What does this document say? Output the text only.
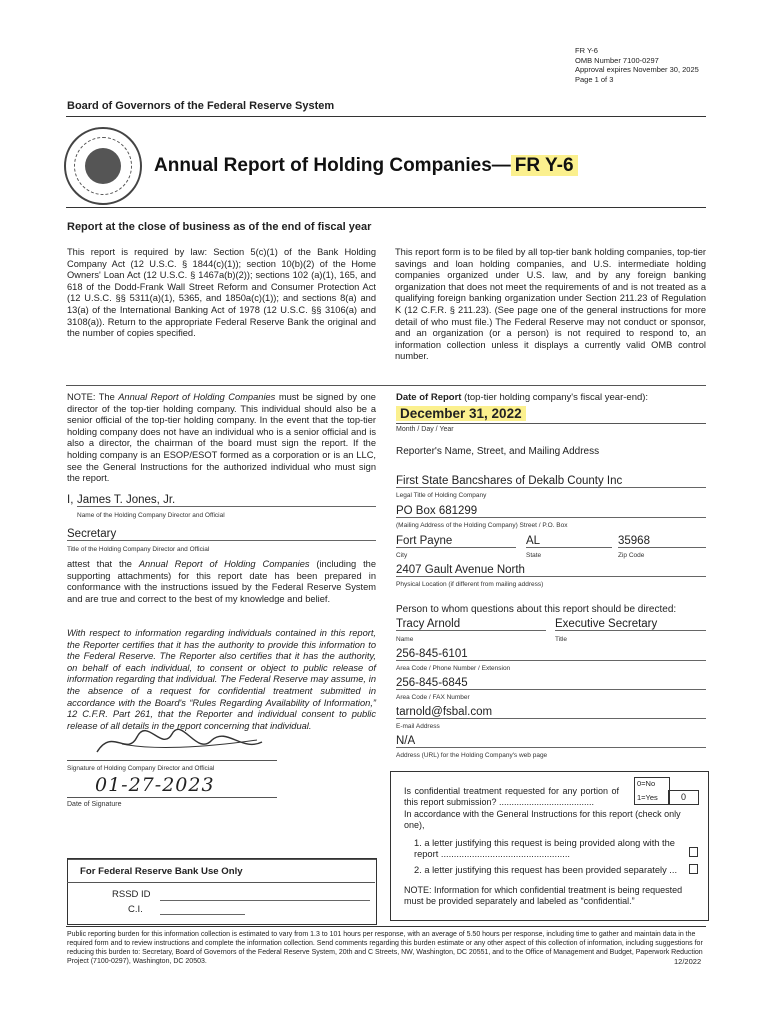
FR Y-6
OMB Number 7100-0297
Approval expires November 30, 2025
Page 1 of 3
Board of Governors of the Federal Reserve System
Annual Report of Holding Companies— FR Y-6
Report at the close of business as of the end of fiscal year
This report is required by law: Section 5(c)(1) of the Bank Holding Company Act (12 U.S.C. § 1844(c)(1)); section 10(b)(2) of the Home Owners' Loan Act (12 U.S.C. § 1467a(b)(2)); sections 102 (a)(1), 165, and 618 of the Dodd-Frank Wall Street Reform and Consumer Protection Act (12 U.S.C. §§ 5311(a)(1), 5365, and 1850a(c)(1)); and sections 8(a) and 13(a) of the International Banking Act of 1978 (12 U.S.C. §§ 3106(a) and 3108(a)). Return to the appropriate Federal Reserve Bank the original and the number of copies specified.
This report form is to be filed by all top-tier bank holding companies, top-tier savings and loan holding companies, and U.S. intermediate holding companies organized under U.S. law, and by any foreign banking organization that does not meet the requirements of and is not treated as a qualifying foreign banking organization under Section 211.23 of Regulation K (12 C.F.R. § 211.23). (See page one of the general instructions for more detail of who must file.) The Federal Reserve may not conduct or sponsor, and an organization (or a person) is not required to respond to, an information collection unless it displays a currently valid OMB control number.
NOTE: The Annual Report of Holding Companies must be signed by one director of the top-tier holding company. This individual should also be a senior official of the top-tier holding company. In the event that the top-tier holding company does not have an individual who is a senior official and is also a director, the chairman of the board must sign the report. If the holding company is an ESOP/ESOT formed as a corporation or is an LLC, see the General Instructions for the authorized individual who must sign the report.
I, James T. Jones, Jr.
Name of the Holding Company Director and Official
Secretary
Title of the Holding Company Director and Official
attest that the Annual Report of Holding Companies (including the supporting attachments) for this report date has been prepared in conformance with the instructions issued by the Federal Reserve System and are true and correct to the best of my knowledge and belief.
With respect to information regarding individuals contained in this report, the Reporter certifies that it has the authority to provide this information to the Federal Reserve. The Reporter also certifies that it has the authority, on behalf of each individual, to consent or object to public release of information regarding that individual. The Federal Reserve may assume, in the absence of a request for confidential treatment submitted in accordance with the Board's “Rules Regarding Availability of Information,” 12 C.F.R. Part 261, that the Reporter and individual consent to public release of all details in the report concerning that individual.
Signature of Holding Company Director and Official
01-27-2023
Date of Signature
For Federal Reserve Bank Use Only
RSSD ID
C.I.
Date of Report (top-tier holding company's fiscal year-end):
December 31, 2022
Month / Day / Year
Reporter's Name, Street, and Mailing Address
First State Bancshares of Dekalb County Inc
Legal Title of Holding Company
PO Box 681299
(Mailing Address of the Holding Company) Street / P.O. Box
Fort Payne	AL	35968
City	State	Zip Code
2407 Gault Avenue North
Physical Location (if different from mailing address)
Person to whom questions about this report should be directed:
Tracy Arnold	Executive Secretary
Name	Title
256-845-6101
Area Code / Phone Number / Extension
256-845-6845
Area Code / FAX Number
tarnold@fsbal.com
E-mail Address
N/A
Address (URL) for the Holding Company's web page
Is confidential treatment requested for any portion of this report submission? ......................................
0=No
1=Yes	0
In accordance with the General Instructions for this report (check only one),
1. a letter justifying this request is being provided along with the report ..................................................
2. a letter justifying this request has been provided separately ...
NOTE: Information for which confidential treatment is being requested must be provided separately and labeled as “confidential.”
Public reporting burden for this information collection is estimated to vary from 1.3 to 101 hours per response, with an average of 5.50 hours per response, including time to gather and maintain data in the required form and to review instructions and complete the information collection. Send comments regarding this burden estimate or any other aspect of this collection of information, including suggestions for reducing this burden to: Secretary, Board of Governors of the Federal Reserve System, 20th and C Streets, NW, Washington, DC 20551, and to the Office of Management and Budget, Paperwork Reduction Project (7100-0297), Washington, DC 20503.	12/2022
